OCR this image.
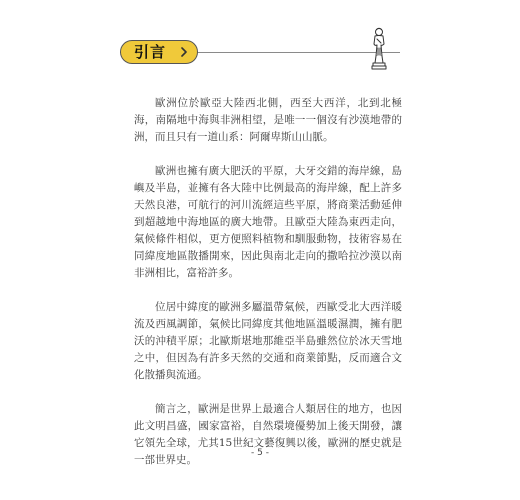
引言

歐洲位於歐亞大陸西北側，西至大西洋，北到北極海，南隔地中海與非洲相望，是唯一一個沒有沙漠地帶的洲，而且只有一道山系：阿爾卑斯山山脈。

歐洲也擁有廣大肥沃的平原，大牙交錯的海岸線，島嶼及半島，並擁有各大陸中比例最高的海岸線，配上許多天然良港，可航行的河川流經這些平原，將商業活動延伸到超越地中海地區的廣大地帶。且歐亞大陸為東西走向，氣候條件相似，更方便照料植物和馴服動物，技術容易在同緯度地區散播開來，因此與南北走向的撒哈拉沙漠以南非洲相比，富裕許多。

位居中緯度的歐洲多屬溫帶氣候，西歐受北大西洋暖流及西風調節，氣候比同緯度其他地區溫暖濕潤，擁有肥沃的沖積平原；北歐斯堪地那維亞半島雖然位於冰天雪地之中，但因為有許多天然的交通和商業節點，反而適合文化散播與流通。

簡言之，歐洲是世界上最適合人類居住的地方，也因此文明昌盛，國家富裕，自然環境優勢加上後天開發，讓它領先全球，尤其15世紀文藝復興以後，歐洲的歷史就是一部世界史。

- 5 -
